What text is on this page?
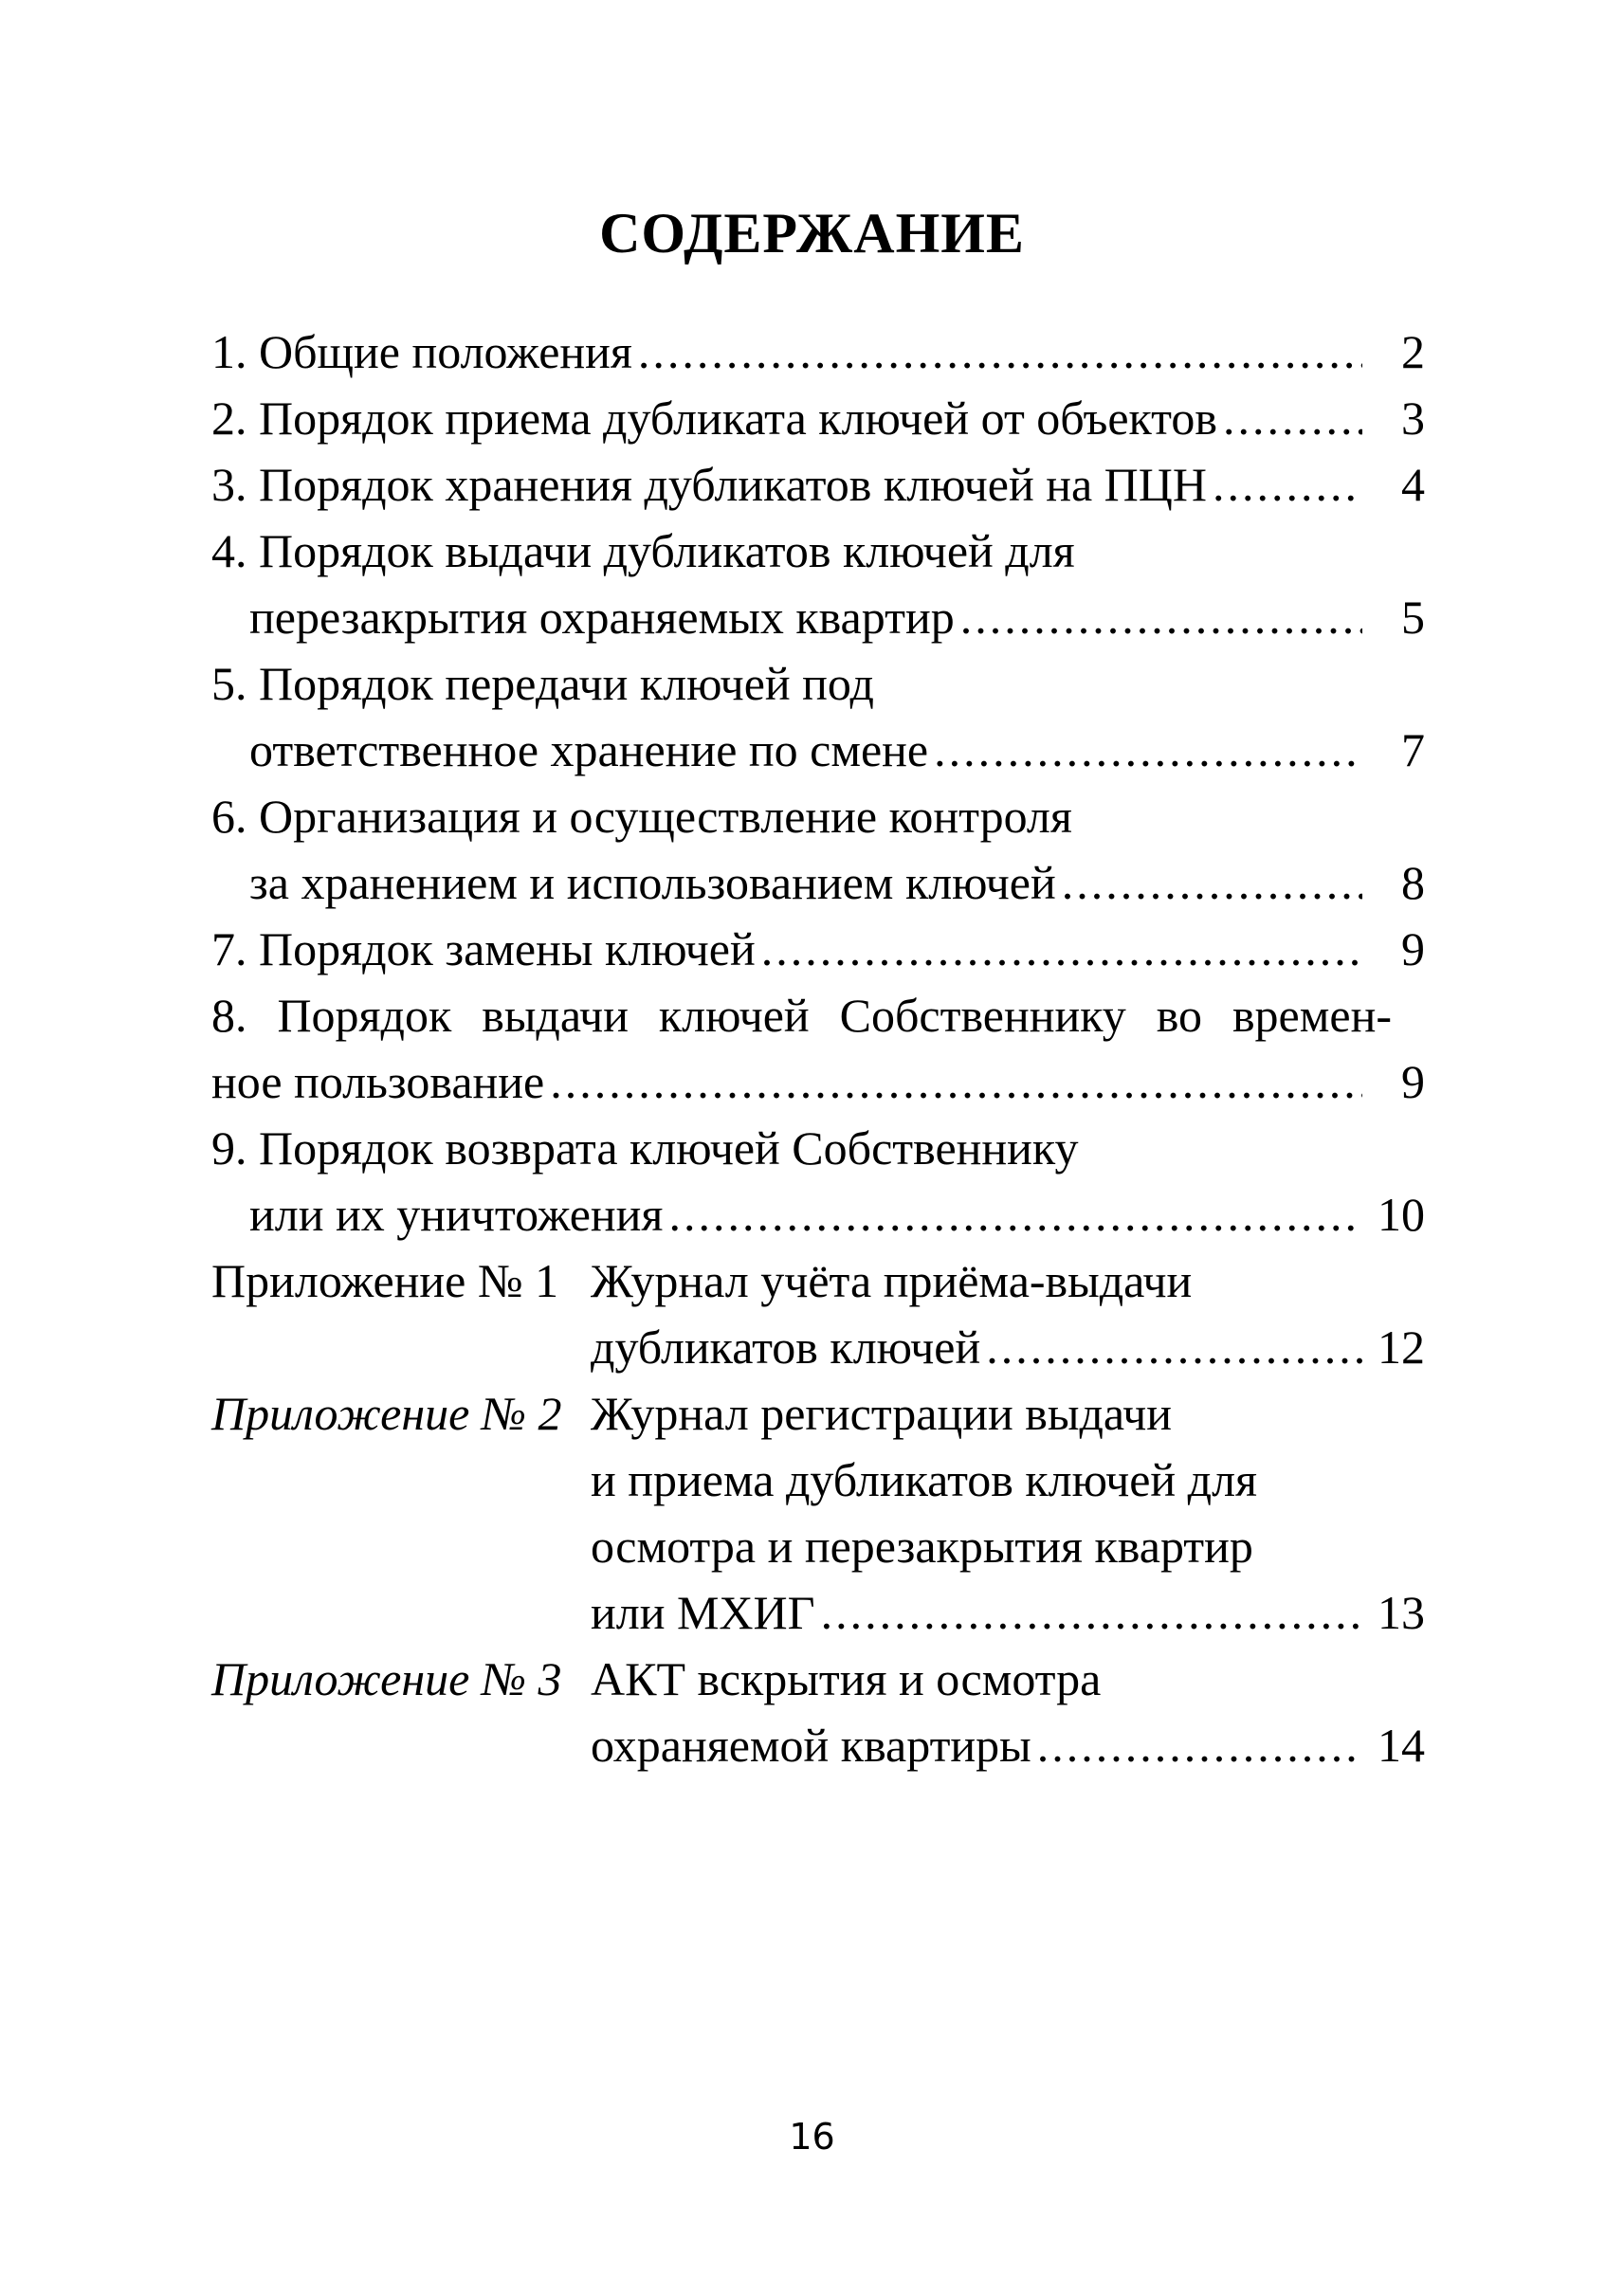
СОДЕРЖАНИЕ
1. Общие положения .....	2
2. Порядок приема дубликата ключей от объектов .....	3
3. Порядок хранения дубликатов ключей на ПЦН .....	4
4. Порядок выдачи дубликатов ключей для
перезакрытия охраняемых квартир .....	5
5. Порядок передачи ключей под
ответственное хранение по смене .....	7
6. Организация и осуществление контроля
за хранением и использованием ключей .....	8
7. Порядок замены ключей .....	9
8. Порядок выдачи ключей Собственнику во времен-
ное пользование .....	9
9. Порядок возврата ключей Собственнику
или их уничтожения .....	10
Приложение № 1 Журнал учёта приёма-выдачи
дубликатов ключей .....	12
Приложение № 2 Журнал регистрации выдачи
и приема дубликатов ключей для
осмотра и перезакрытия квартир
или МХИГ .....	13
Приложение № 3 АКТ вскрытия и осмотра
охраняемой квартиры .....	14
16
